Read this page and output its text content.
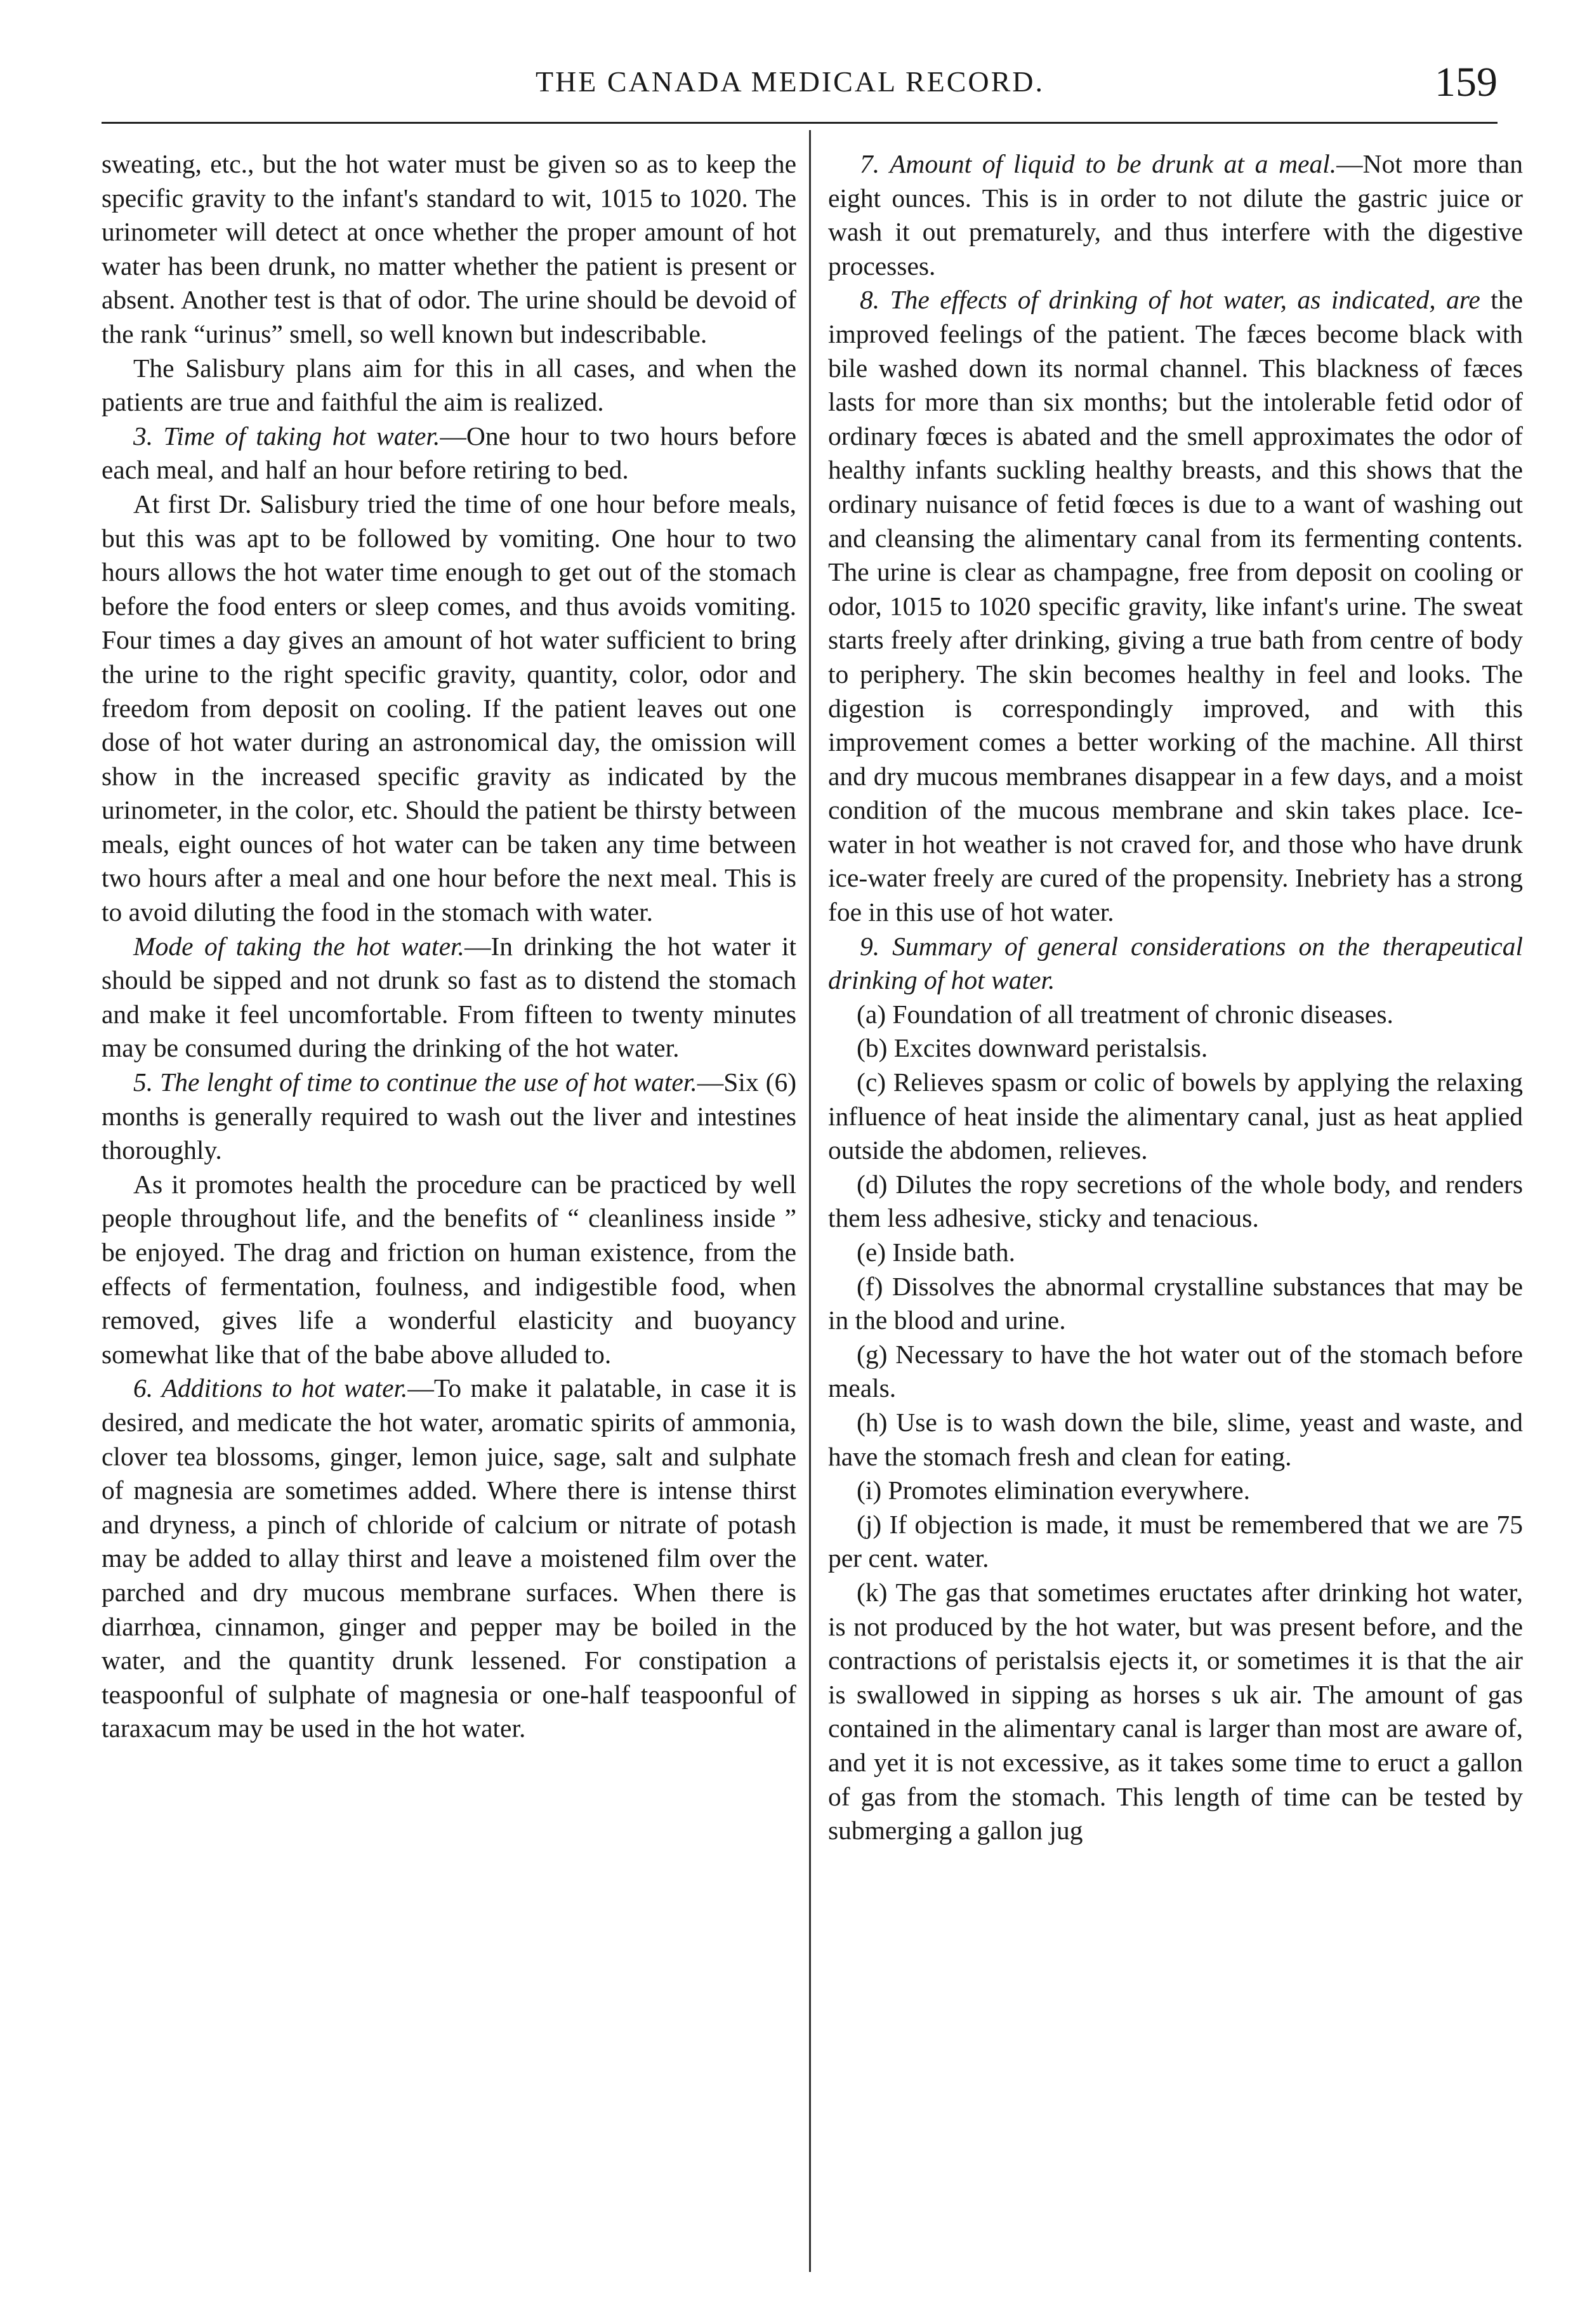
THE CANADA MEDICAL RECORD.	159

sweating, etc., but the hot water must be given so as to keep the specific gravity to the infant's standard to wit, 1015 to 1020. The urinometer will detect at once whether the proper amount of hot water has been drunk, no matter whether the patient is present or absent. Another test is that of odor. The urine should be devoid of the rank “urinus” smell, so well known but indescribable.

The Salisbury plans aim for this in all cases, and when the patients are true and faithful the aim is realized.

3. Time of taking hot water.—One hour to two hours before each meal, and half an hour before retiring to bed.

At first Dr. Salisbury tried the time of one hour before meals, but this was apt to be followed by vomiting. One hour to two hours allows the hot water time enough to get out of the stomach before the food enters or sleep comes, and thus avoids vomiting. Four times a day gives an amount of hot water sufficient to bring the urine to the right specific gravity, quantity, color, odor and freedom from deposit on cooling. If the patient leaves out one dose of hot water during an astronomical day, the omission will show in the increased specific gravity as indicated by the urinometer, in the color, etc. Should the patient be thirsty between meals, eight ounces of hot water can be taken any time between two hours after a meal and one hour before the next meal. This is to avoid diluting the food in the stomach with water.

Mode of taking the hot water.—In drinking the hot water it should be sipped and not drunk so fast as to distend the stomach and make it feel uncomfortable. From fifteen to twenty minutes may be consumed during the drinking of the hot water.

5. The lenght of time to continue the use of hot water.—Six (6) months is generally required to wash out the liver and intestines thoroughly.

As it promotes health the procedure can be practiced by well people throughout life, and the benefits of “ cleanliness inside ” be enjoyed. The drag and friction on human existence, from the effects of fermentation, foulness, and indigestible food, when removed, gives life a wonderful elasticity and buoyancy somewhat like that of the babe above alluded to.

6. Additions to hot water.—To make it palatable, in case it is desired, and medicate the hot water, aromatic spirits of ammonia, clover tea blossoms, ginger, lemon juice, sage, salt and sulphate of magnesia are sometimes added. Where there is intense thirst and dryness, a pinch of chloride of calcium or nitrate of potash may be added to allay thirst and leave a moistened film over the parched and dry mucous membrane surfaces. When there is diarrhœa, cinnamon, ginger and pepper may be boiled in the water, and the quantity drunk lessened. For constipation a teaspoonful of sulphate of magnesia or one-half teaspoonful of taraxacum may be used in the hot water.

7. Amount of liquid to be drunk at a meal.—Not more than eight ounces. This is in order to not dilute the gastric juice or wash it out prematurely, and thus interfere with the digestive processes.

8. The effects of drinking of hot water, as indicated, are the improved feelings of the patient. The fæces become black with bile washed down its normal channel. This blackness of fæces lasts for more than six months; but the intolerable fetid odor of ordinary fœces is abated and the smell approximates the odor of healthy infants suckling healthy breasts, and this shows that the ordinary nuisance of fetid fœces is due to a want of washing out and cleansing the alimentary canal from its fermenting contents. The urine is clear as champagne, free from deposit on cooling or odor, 1015 to 1020 specific gravity, like infant's urine. The sweat starts freely after drinking, giving a true bath from centre of body to periphery. The skin becomes healthy in feel and looks. The digestion is correspondingly improved, and with this improvement comes a better working of the machine. All thirst and dry mucous membranes disappear in a few days, and a moist condition of the mucous membrane and skin takes place. Ice-water in hot weather is not craved for, and those who have drunk ice-water freely are cured of the propensity. Inebriety has a strong foe in this use of hot water.

9. Summary of general considerations on the therapeutical drinking of hot water.

(a) Foundation of all treatment of chronic diseases.

(b) Excites downward peristalsis.

(c) Relieves spasm or colic of bowels by applying the relaxing influence of heat inside the alimentary canal, just as heat applied outside the abdomen, relieves.

(d) Dilutes the ropy secretions of the whole body, and renders them less adhesive, sticky and tenacious.

(e) Inside bath.

(f) Dissolves the abnormal crystalline substances that may be in the blood and urine.

(g) Necessary to have the hot water out of the stomach before meals.

(h) Use is to wash down the bile, slime, yeast and waste, and have the stomach fresh and clean for eating.

(i) Promotes elimination everywhere.

(j) If objection is made, it must be remembered that we are 75 per cent. water.

(k) The gas that sometimes eructates after drinking hot water, is not produced by the hot water, but was present before, and the contractions of peristalsis ejects it, or sometimes it is that the air is swallowed in sipping as horses s uk air. The amount of gas contained in the alimentary canal is larger than most are aware of, and yet it is not excessive, as it takes some time to eruct a gallon of gas from the stomach. This length of time can be tested by submerging a gallon jug
